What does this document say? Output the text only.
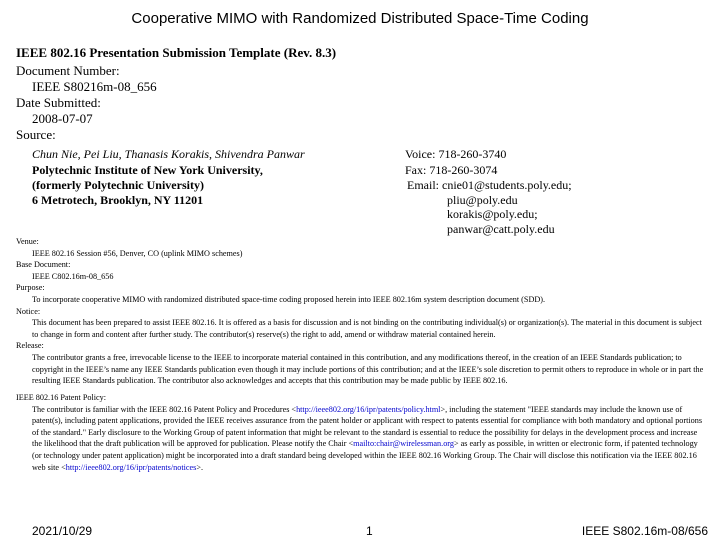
Cooperative MIMO with Randomized Distributed Space-Time Coding
IEEE 802.16 Presentation Submission Template (Rev. 8.3)
Document Number:
IEEE S80216m-08_656
Date Submitted:
2008-07-07
Source:
Chun Nie, Pei Liu, Thanasis Korakis, Shivendra Panwar
Polytechnic Institute of New York University,
(formerly Polytechnic University)
6 Metrotech, Brooklyn, NY 11201
Voice: 718-260-3740
Fax: 718-260-3074
Email: cnie01@students.poly.edu;
pliu@poly.edu
korakis@poly.edu;
panwar@catt.poly.edu
Venue:
IEEE 802.16 Session #56, Denver, CO (uplink MIMO schemes)
Base Document:
IEEE C802.16m-08_656
Purpose:
To incorporate cooperative MIMO with randomized distributed space-time coding proposed herein into IEEE 802.16m system description document (SDD).
Notice:
This document has been prepared to assist IEEE 802.16. It is offered as a basis for discussion and is not binding on the contributing individual(s) or organization(s). The material in this document is subject to change in form and content after further study. The contributor(s) reserve(s) the right to add, amend or withdraw material contained herein.
Release:
The contributor grants a free, irrevocable license to the IEEE to incorporate material contained in this contribution, and any modifications thereof, in the creation of an IEEE Standards publication; to copyright in the IEEE’s name any IEEE Standards publication even though it may include portions of this contribution; and at the IEEE’s sole discretion to permit others to reproduce in whole or in part the resulting IEEE Standards publication. The contributor also acknowledges and accepts that this contribution may be made public by IEEE 802.16.
IEEE 802.16 Patent Policy:
The contributor is familiar with the IEEE 802.16 Patent Policy and Procedures <http://ieee802.org/16/ipr/patents/policy.html>, including the statement "IEEE standards may include the known use of patent(s), including patent applications, provided the IEEE receives assurance from the patent holder or applicant with respect to patents essential for compliance with both mandatory and optional portions of the standard." Early disclosure to the Working Group of patent information that might be relevant to the standard is essential to reduce the possibility for delays in the development process and increase the likelihood that the draft publication will be approved for publication. Please notify the Chair <mailto:chair@wirelessman.org> as early as possible, in written or electronic form, if patented technology (or technology under patent application) might be incorporated into a draft standard being developed within the IEEE 802.16 Working Group. The Chair will disclose this notification via the IEEE 802.16 web site <http://ieee802.org/16/ipr/patents/notices>.
2021/10/29	1	IEEE S802.16m-08/656
